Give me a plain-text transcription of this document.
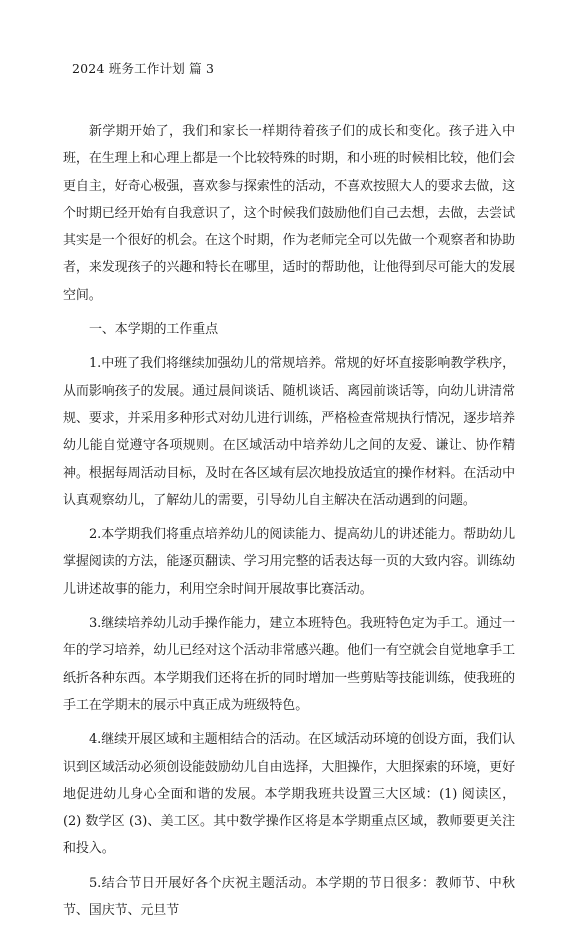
2024 班务工作计划 篇 3

新学期开始了，我们和家长一样期待着孩子们的成长和变化。孩子进入中班，在生理上和心理上都是一个比较特殊的时期，和小班的时候相比较，他们会更自主，好奇心极强，喜欢参与探索性的活动，不喜欢按照大人的要求去做，这个时期已经开始有自我意识了，这个时候我们鼓励他们自己去想，去做，去尝试其实是一个很好的机会。在这个时期，作为老师完全可以先做一个观察者和协助者，来发现孩子的兴趣和特长在哪里，适时的帮助他，让他得到尽可能大的发展空间。

一、本学期的工作重点

1.中班了我们将继续加强幼儿的常规培养。常规的好坏直接影响教学秩序，从而影响孩子的发展。通过晨间谈话、随机谈话、离园前谈话等，向幼儿讲清常规、要求，并采用多种形式对幼儿进行训练，严格检查常规执行情况，逐步培养幼儿能自觉遵守各项规则。在区域活动中培养幼儿之间的友爱、谦让、协作精神。根据每周活动目标，及时在各区域有层次地投放适宜的操作材料。在活动中认真观察幼儿，了解幼儿的需要，引导幼儿自主解决在活动遇到的问题。

2.本学期我们将重点培养幼儿的阅读能力、提高幼儿的讲述能力。帮助幼儿掌握阅读的方法，能逐页翻读、学习用完整的话表达每一页的大致内容。训练幼儿讲述故事的能力，利用空余时间开展故事比赛活动。

3.继续培养幼儿动手操作能力，建立本班特色。我班特色定为手工。通过一年的学习培养，幼儿已经对这个活动非常感兴趣。他们一有空就会自觉地拿手工纸折各种东西。本学期我们还将在折的同时增加一些剪贴等技能训练，使我班的手工在学期末的展示中真正成为班级特色。

4.继续开展区域和主题相结合的活动。在区域活动环境的创设方面，我们认识到区域活动必须创设能鼓励幼儿自由选择，大胆操作，大胆探索的环境，更好地促进幼儿身心全面和谐的发展。本学期我班共设置三大区域：(1) 阅读区，(2) 数学区 (3)、美工区。其中数学操作区将是本学期重点区域，教师要更关注和投入。

5.结合节日开展好各个庆祝主题活动。本学期的节日很多：教师节、中秋节、国庆节、元旦节
